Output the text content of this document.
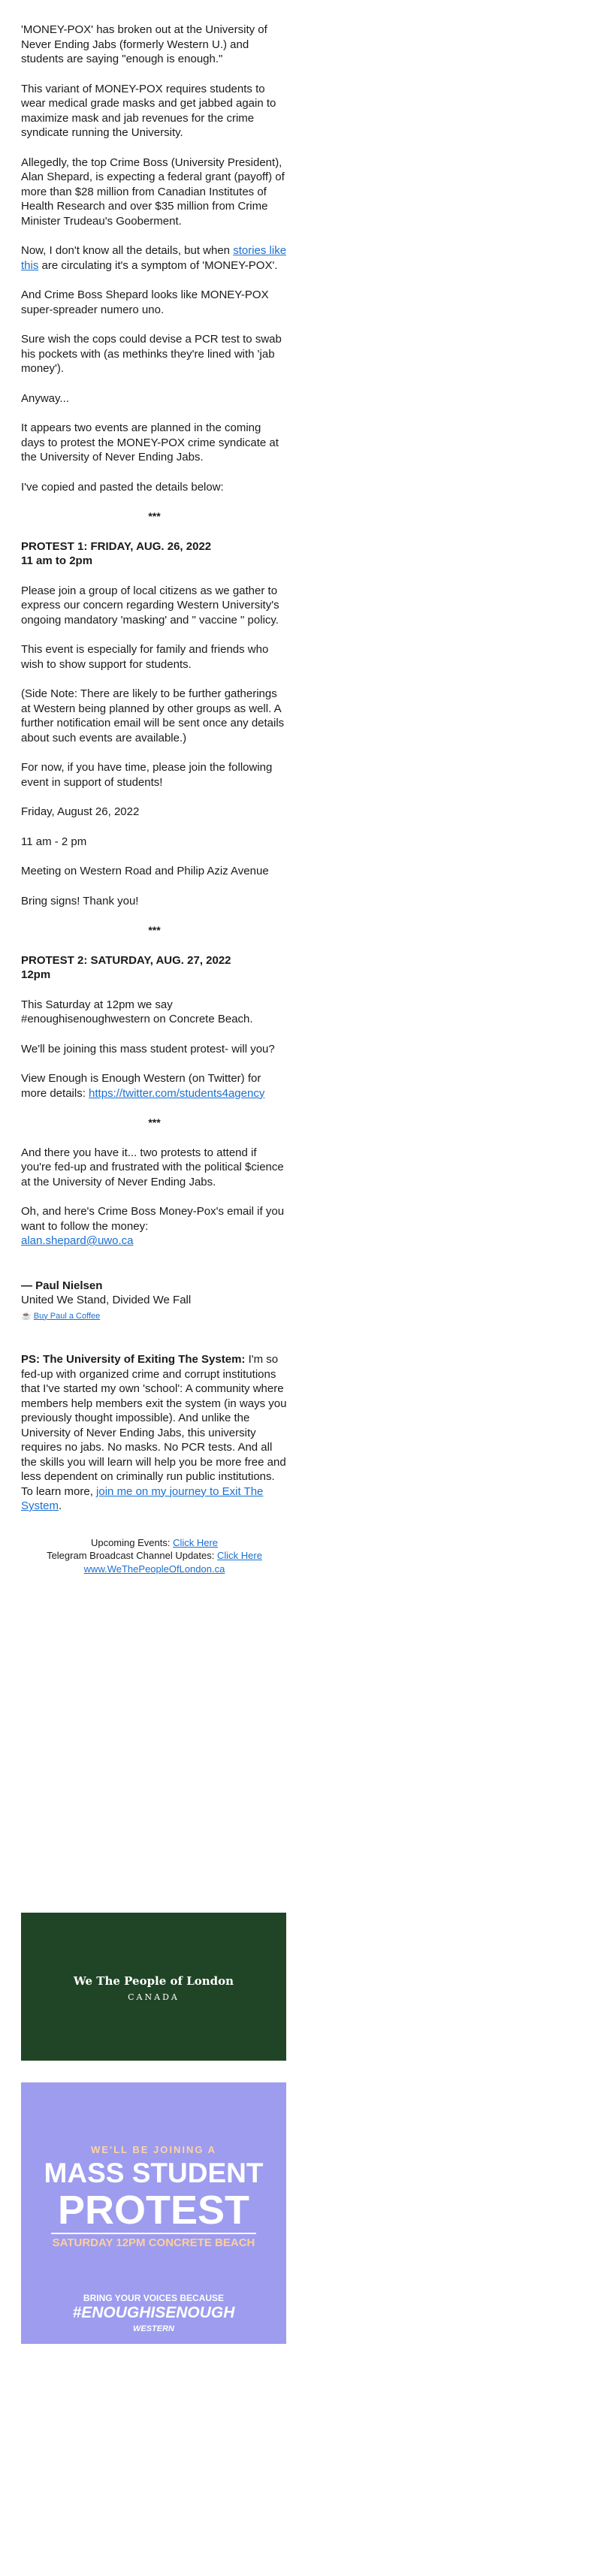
'MONEY-POX' has broken out at the University of Never Ending Jabs (formerly Western U.) and students are saying "enough is enough."

This variant of MONEY-POX requires students to wear medical grade masks and get jabbed again to maximize mask and jab revenues for the crime syndicate running the University.

Allegedly, the top Crime Boss (University President), Alan Shepard, is expecting a federal grant (payoff) of more than $28 million from Canadian Institutes of Health Research and over $35 million from Crime Minister Trudeau's Gooberment.

Now, I don't know all the details, but when stories like this are circulating it's a symptom of 'MONEY-POX'.

And Crime Boss Shepard looks like MONEY-POX super-spreader numero uno.

Sure wish the cops could devise a PCR test to swab his pockets with (as methinks they're lined with 'jab money').

Anyway...

It appears two events are planned in the coming days to protest the MONEY-POX crime syndicate at the University of Never Ending Jabs.

I've copied and pasted the details below:

***

PROTEST 1: FRIDAY, AUG. 26, 2022
11 am to 2pm

Please join a group of local citizens as we gather to express our concern regarding Western University's ongoing mandatory 'masking' and " vaccine " policy.

This event is especially for family and friends who wish to show support for students.

(Side Note: There are likely to be further gatherings at Western being planned by other groups as well. A further notification email will be sent once any details about such events are available.)

For now, if you have time, please join the following event in support of students!

Friday, August 26, 2022

11 am - 2 pm

Meeting on Western Road and Philip Aziz Avenue

Bring signs! Thank you!

***

PROTEST 2: SATURDAY, AUG. 27, 2022
12pm

This Saturday at 12pm we say #enoughisenoughwestern on Concrete Beach.

We'll be joining this mass student protest- will you?

View Enough is Enough Western (on Twitter) for more details: https://twitter.com/students4agency

***

And there you have it... two protests to attend if you're fed-up and frustrated with the political $cience at the University of Never Ending Jabs.

Oh, and here's Crime Boss Money-Pox's email if you want to follow the money:
alan.shepard@uwo.ca

— Paul Nielsen

United We Stand, Divided We Fall

☕ Buy Paul a Coffee

PS: The University of Exiting The System: I'm so fed-up with organized crime and corrupt institutions that I've started my own 'school': A community where members help members exit the system (in ways you previously thought impossible). And unlike the University of Never Ending Jabs, this university requires no jabs. No masks. No PCR tests. And all the skills you will learn will help you be more free and less dependent on criminally run public institutions. To learn more, join me on my journey to Exit The System.

Upcoming Events: Click Here
Telegram Broadcast Channel Updates: Click Here
www.WeThePeopleOfLondon.ca

We The People of London
CANADA
WE'LL BE JOINING A
MASS STUDENT
PROTEST
SATURDAY 12PM CONCRETE BEACH
BRING YOUR VOICES BECAUSE
#ENOUGHISENOUGH
WESTERN
